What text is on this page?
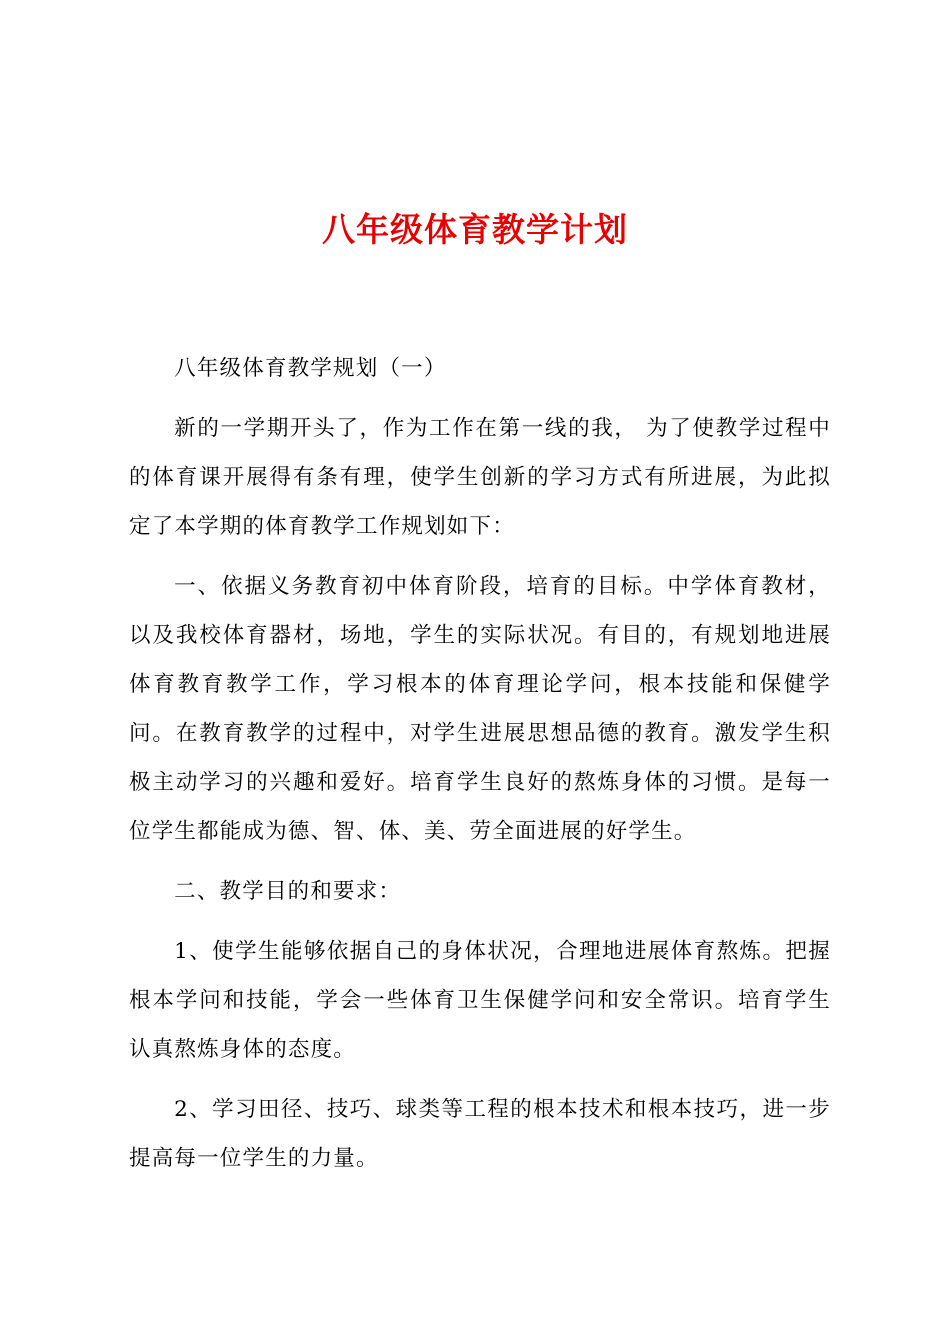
八年级体育教学计划

八年级体育教学规划（一）

新的一学期开头了，作为工作在第一线的我， 为了使教学过程中的体育课开展得有条有理，使学生创新的学习方式有所进展，为此拟定了本学期的体育教学工作规划如下：

一、依据义务教育初中体育阶段，培育的目标。中学体育教材，以及我校体育器材，场地，学生的实际状况。有目的，有规划地进展体育教育教学工作，学习根本的体育理论学问，根本技能和保健学问。在教育教学的过程中，对学生进展思想品德的教育。激发学生积极主动学习的兴趣和爱好。培育学生良好的熬炼身体的习惯。是每一位学生都能成为德、智、体、美、劳全面进展的好学生。

二、教学目的和要求：

1、使学生能够依据自己的身体状况，合理地进展体育熬炼。把握根本学问和技能，学会一些体育卫生保健学问和安全常识。培育学生认真熬炼身体的态度。

2、学习田径、技巧、球类等工程的根本技术和根本技巧，进一步提高每一位学生的力量。
